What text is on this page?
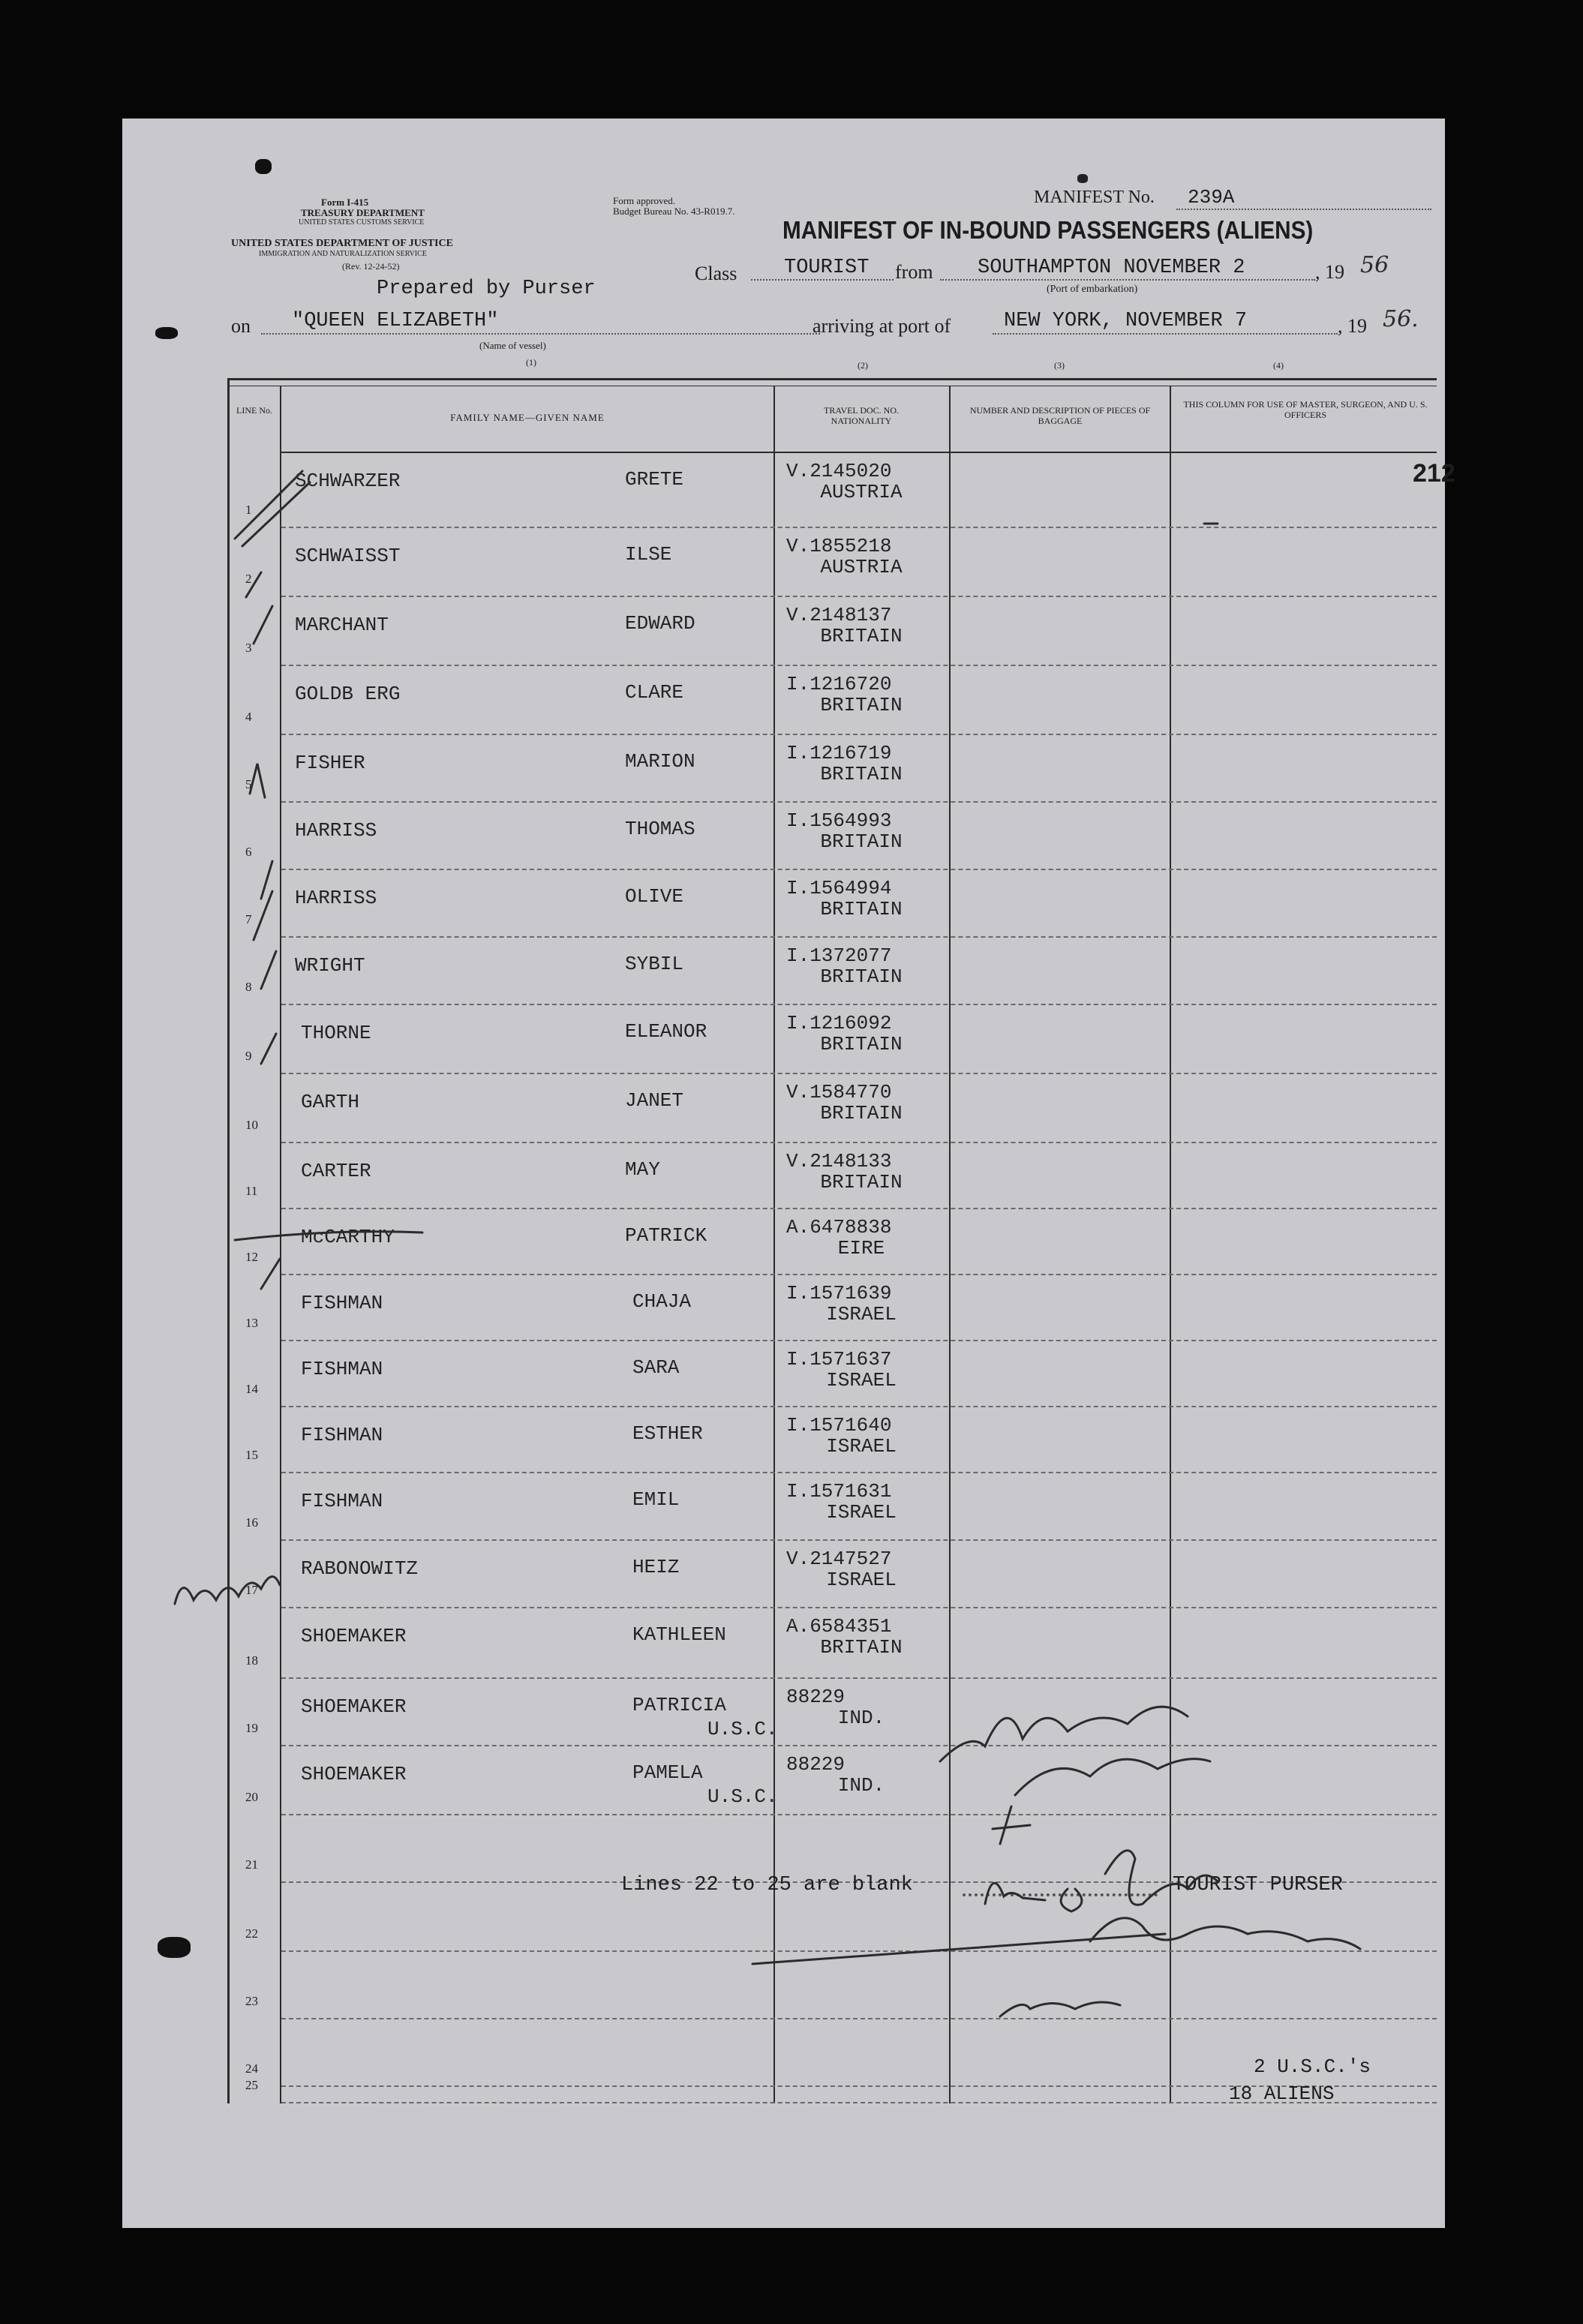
Form I-415
TREASURY DEPARTMENT
UNITED STATES CUSTOMS SERVICE
UNITED STATES DEPARTMENT OF JUSTICE
IMMIGRATION AND NATURALIZATION SERVICE
(Rev. 12-24-52)
Prepared by Purser
Form approved.
Budget Bureau No. 43-R019.7.
MANIFEST No. 239A
MANIFEST OF IN-BOUND PASSENGERS (ALIENS)
Class TOURIST from SOUTHAMPTON NOVEMBER 2	, 19 56
(Port of embarkation)
on "QUEEN ELIZABETH"
(Name of vessel)
arriving at port of	NEW YORK, NOVEMBER 7	, 19 56.
(1)	(2)	(3)	(4)
LINE No.
FAMILY NAME—GIVEN NAME
TRAVEL DOC. NO. NATIONALITY
NUMBER AND DESCRIPTION OF PIECES OF BAGGAGE
THIS COLUMN FOR USE OF MASTER, SURGEON, AND U. S. OFFICERS
1
SCHWARZER	GRETE	V.2145020
AUSTRIA
212
2
SCHWAISST	ILSE	V.1855218
AUSTRIA
3
MARCHANT	EDWARD	V.2148137
BRITAIN
4
GOLDB ERG	CLARE	I.1216720
BRITAIN
5
FISHER	MARION	I.1216719
BRITAIN
6
HARRISS	THOMAS	I.1564993
BRITAIN
7
HARRISS	OLIVE	I.1564994
BRITAIN
8
WRIGHT	SYBIL	I.1372077
BRITAIN
9
THORNE	ELEANOR	I.1216092
BRITAIN
10
GARTH	JANET	V.1584770
BRITAIN
11
CARTER	MAY	V.2148133
BRITAIN
12
McCARTHY	PATRICK	A.6478838
EIRE
13
FISHMAN	CHAJA	I.1571639
ISRAEL
14
FISHMAN	SARA	I.1571637
ISRAEL
15
FISHMAN	ESTHER	I.1571640
ISRAEL
16
FISHMAN	EMIL	I.1571631
ISRAEL
17
RABONOWITZ	HEIZ	V.2147527
ISRAEL
18
SHOEMAKER	KATHLEEN	A.6584351
BRITAIN
19
SHOEMAKER	PATRICIA	88229
IND.
U.S.C.
20
SHOEMAKER	PAMELA	88229
IND.
U.S.C.
21
22
23
24
25
Lines 22 to 25 are blank	TOURIST PURSER
2 U.S.C.'s
18 ALIENS
